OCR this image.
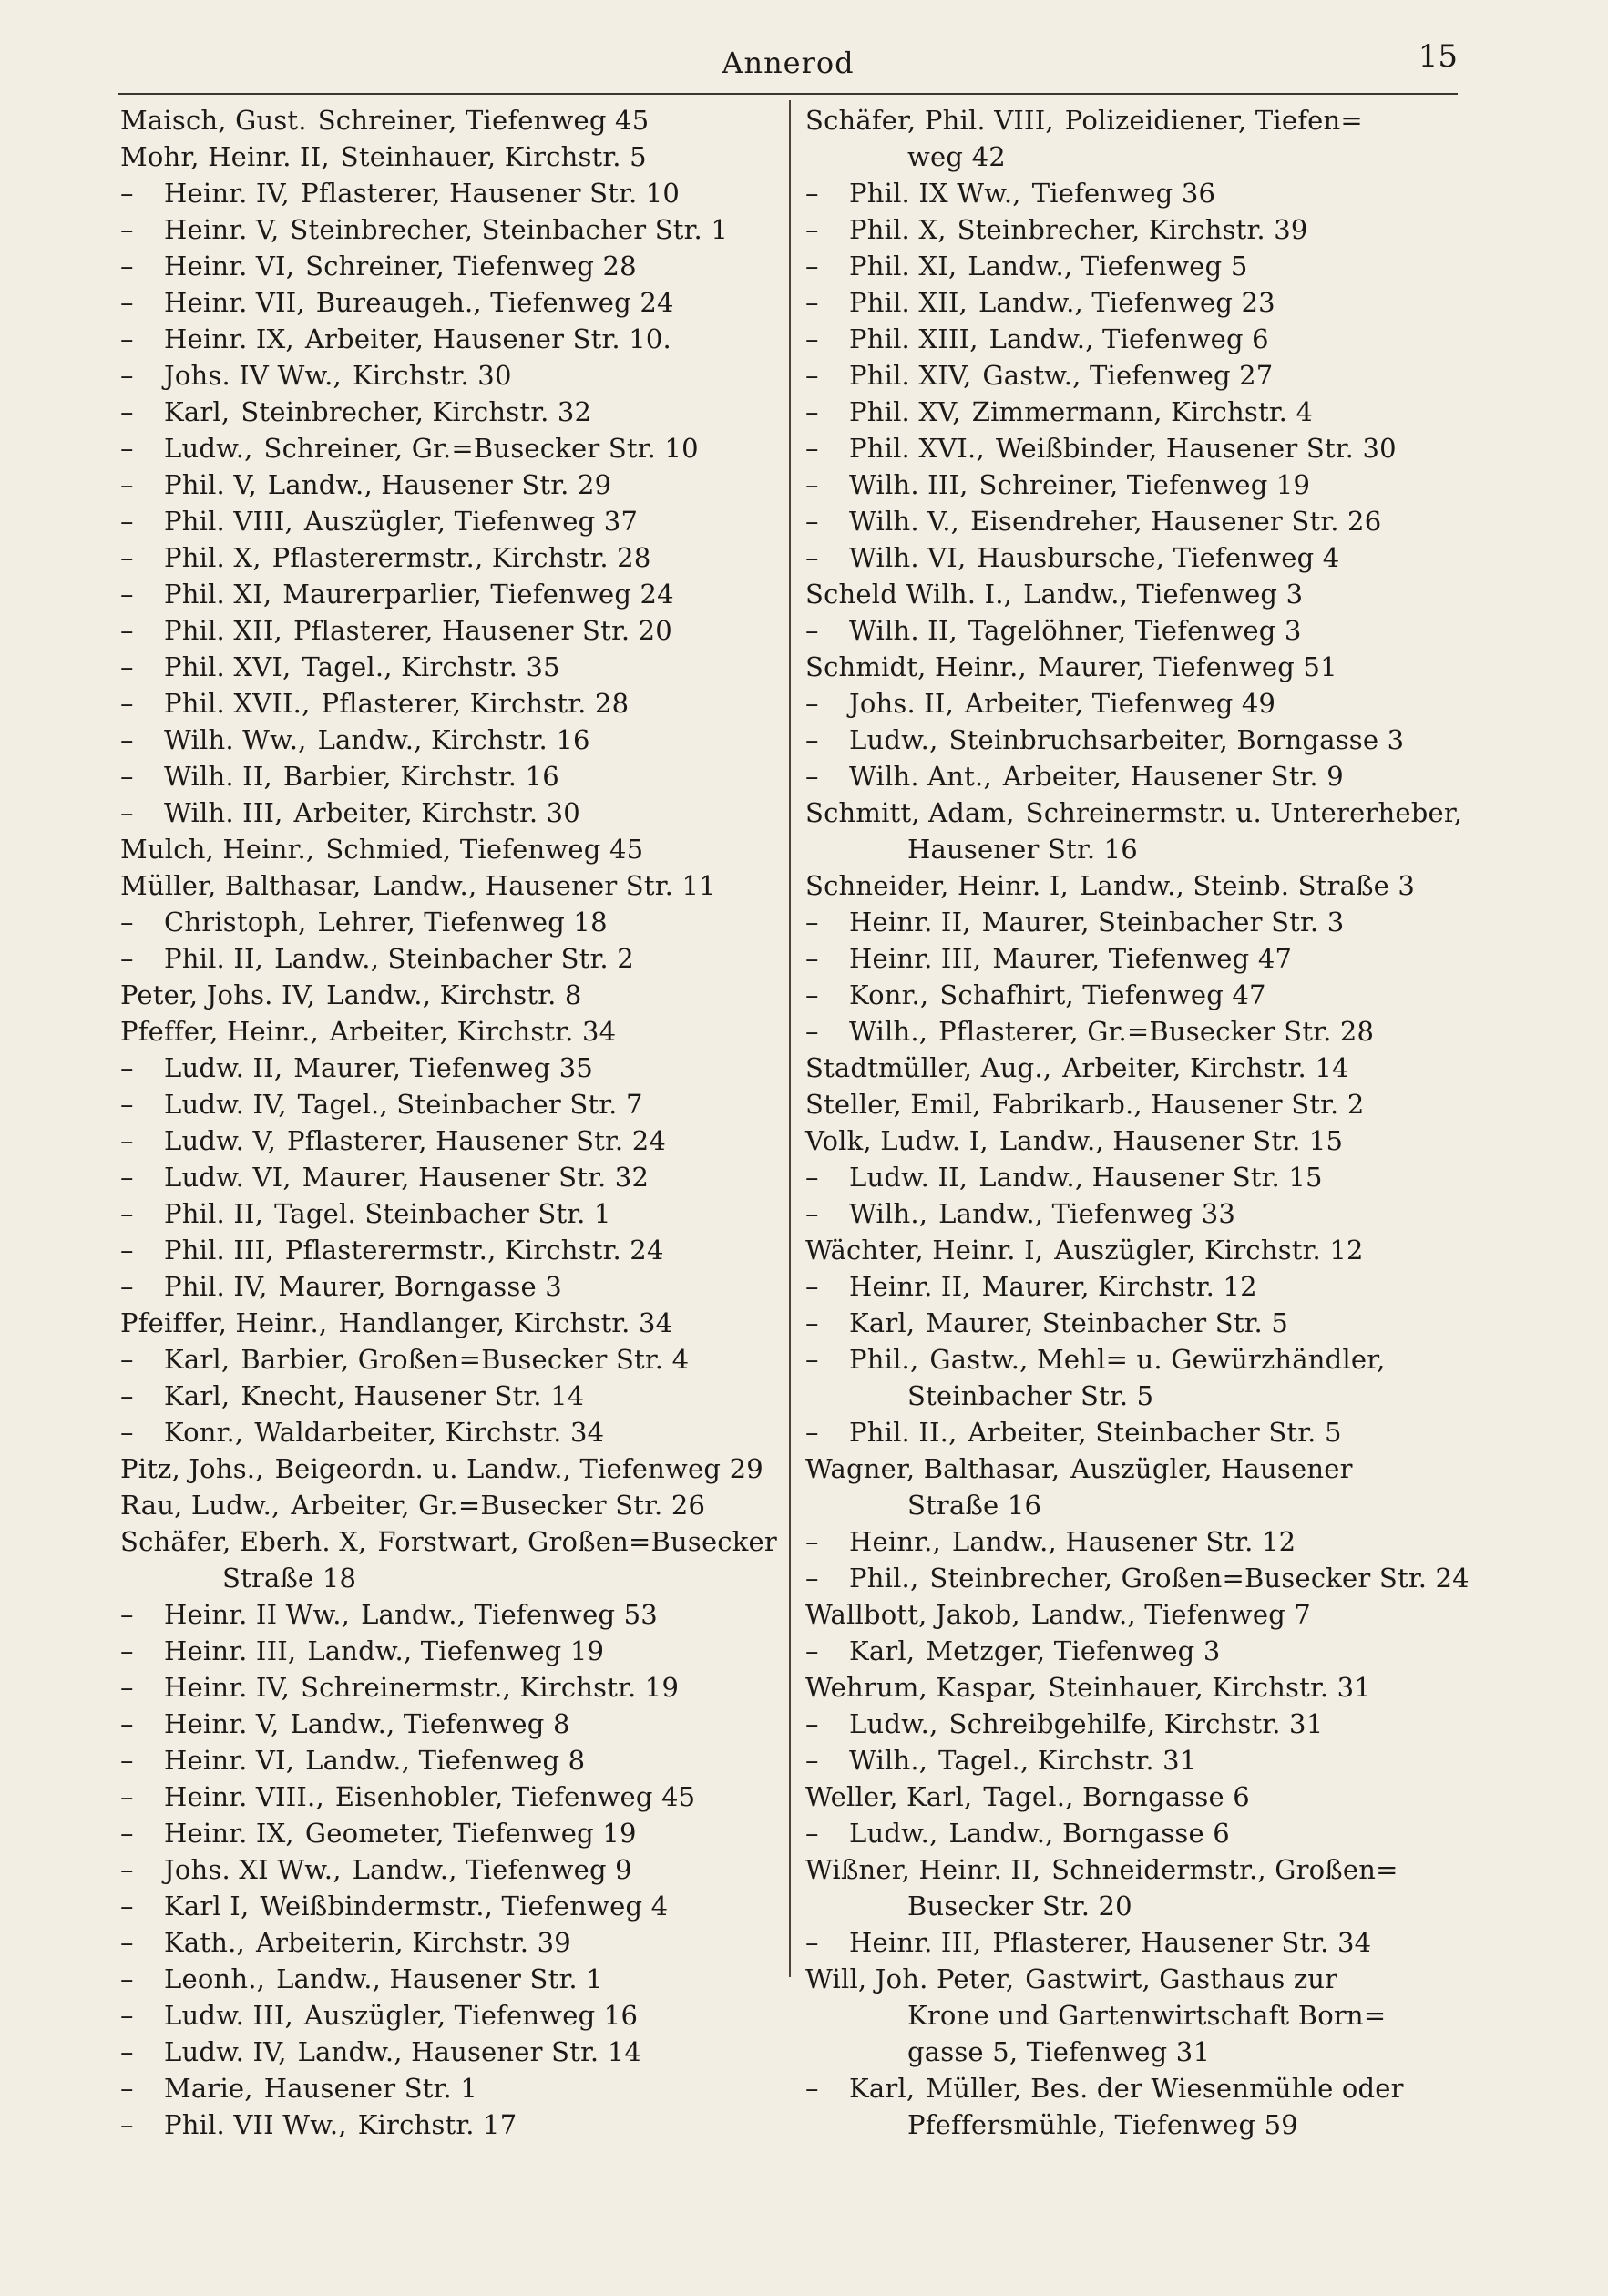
Annerod	15
Maisch, Gust. Schreiner, Tiefenweg 45
Mohr, Heinr. II, Steinhauer, Kirchstr. 5
– Heinr. IV, Pflasterer, Hausener Str. 10
– Heinr. V, Steinbrecher, Steinbacher Str. 1
– Heinr. VI, Schreiner, Tiefenweg 28
– Heinr. VII, Bureaugeh., Tiefenweg 24
– Heinr. IX, Arbeiter, Hausener Str. 10.
– Johs. IV Ww., Kirchstr. 30
– Karl, Steinbrecher, Kirchstr. 32
– Ludw., Schreiner, Gr.=Busecker Str. 10
– Phil. V, Landw., Hausener Str. 29
– Phil. VIII, Auszügler, Tiefenweg 37
– Phil. X, Pflasterermstr., Kirchstr. 28
– Phil. XI, Maurerparlier, Tiefenweg 24
– Phil. XII, Pflasterer, Hausener Str. 20
– Phil. XVI, Tagel., Kirchstr. 35
– Phil. XVII., Pflasterer, Kirchstr. 28
– Wilh. Ww., Landw., Kirchstr. 16
– Wilh. II, Barbier, Kirchstr. 16
– Wilh. III, Arbeiter, Kirchstr. 30
Mulch, Heinr., Schmied, Tiefenweg 45
Müller, Balthasar, Landw., Hausener Str. 11
– Christoph, Lehrer, Tiefenweg 18
– Phil. II, Landw., Steinbacher Str. 2
Peter, Johs. IV, Landw., Kirchstr. 8
Pfeffer, Heinr., Arbeiter, Kirchstr. 34
– Ludw. II, Maurer, Tiefenweg 35
– Ludw. IV, Tagel., Steinbacher Str. 7
– Ludw. V, Pflasterer, Hausener Str. 24
– Ludw. VI, Maurer, Hausener Str. 32
– Phil. II, Tagel. Steinbacher Str. 1
– Phil. III, Pflasterermstr., Kirchstr. 24
– Phil. IV, Maurer, Borngasse 3
Pfeiffer, Heinr., Handlanger, Kirchstr. 34
– Karl, Barbier, Großen=Busecker Str. 4
– Karl, Knecht, Hausener Str. 14
– Konr., Waldarbeiter, Kirchstr. 34
Pitz, Johs., Beigeordn. u. Landw., Tiefenweg 29
Rau, Ludw., Arbeiter, Gr.=Busecker Str. 26
Schäfer, Eberh. X, Forstwart, Großen=Busecker
Straße 18
– Heinr. II Ww., Landw., Tiefenweg 53
– Heinr. III, Landw., Tiefenweg 19
– Heinr. IV, Schreinermstr., Kirchstr. 19
– Heinr. V, Landw., Tiefenweg 8
– Heinr. VI, Landw., Tiefenweg 8
– Heinr. VIII., Eisenhobler, Tiefenweg 45
– Heinr. IX, Geometer, Tiefenweg 19
– Johs. XI Ww., Landw., Tiefenweg 9
– Karl I, Weißbindermstr., Tiefenweg 4
– Kath., Arbeiterin, Kirchstr. 39
– Leonh., Landw., Hausener Str. 1
– Ludw. III, Auszügler, Tiefenweg 16
– Ludw. IV, Landw., Hausener Str. 14
– Marie, Hausener Str. 1
– Phil. VII Ww., Kirchstr. 17
Schäfer, Phil. VIII, Polizeidiener, Tiefen=
weg 42
– Phil. IX Ww., Tiefenweg 36
– Phil. X, Steinbrecher, Kirchstr. 39
– Phil. XI, Landw., Tiefenweg 5
– Phil. XII, Landw., Tiefenweg 23
– Phil. XIII, Landw., Tiefenweg 6
– Phil. XIV, Gastw., Tiefenweg 27
– Phil. XV, Zimmermann, Kirchstr. 4
– Phil. XVI., Weißbinder, Hausener Str. 30
– Wilh. III, Schreiner, Tiefenweg 19
– Wilh. V., Eisendreher, Hausener Str. 26
– Wilh. VI, Hausbursche, Tiefenweg 4
Scheld Wilh. I., Landw., Tiefenweg 3
– Wilh. II, Tagelöhner, Tiefenweg 3
Schmidt, Heinr., Maurer, Tiefenweg 51
– Johs. II, Arbeiter, Tiefenweg 49
– Ludw., Steinbruchsarbeiter, Borngasse 3
– Wilh. Ant., Arbeiter, Hausener Str. 9
Schmitt, Adam, Schreinermstr. u. Untererheber,
Hausener Str. 16
Schneider, Heinr. I, Landw., Steinb. Straße 3
– Heinr. II, Maurer, Steinbacher Str. 3
– Heinr. III, Maurer, Tiefenweg 47
– Konr., Schafhirt, Tiefenweg 47
– Wilh., Pflasterer, Gr.=Busecker Str. 28
Stadtmüller, Aug., Arbeiter, Kirchstr. 14
Steller, Emil, Fabrikarb., Hausener Str. 2
Volk, Ludw. I, Landw., Hausener Str. 15
– Ludw. II, Landw., Hausener Str. 15
– Wilh., Landw., Tiefenweg 33
Wächter, Heinr. I, Auszügler, Kirchstr. 12
– Heinr. II, Maurer, Kirchstr. 12
– Karl, Maurer, Steinbacher Str. 5
– Phil., Gastw., Mehl= u. Gewürzhändler,
Steinbacher Str. 5
– Phil. II., Arbeiter, Steinbacher Str. 5
Wagner, Balthasar, Auszügler, Hausener
Straße 16
– Heinr., Landw., Hausener Str. 12
– Phil., Steinbrecher, Großen=Busecker Str. 24
Wallbott, Jakob, Landw., Tiefenweg 7
– Karl, Metzger, Tiefenweg 3
Wehrum, Kaspar, Steinhauer, Kirchstr. 31
– Ludw., Schreibgehilfe, Kirchstr. 31
– Wilh., Tagel., Kirchstr. 31
Weller, Karl, Tagel., Borngasse 6
– Ludw., Landw., Borngasse 6
Wißner, Heinr. II, Schneidermstr., Großen=
Busecker Str. 20
– Heinr. III, Pflasterer, Hausener Str. 34
Will, Joh. Peter, Gastwirt, Gasthaus zur
Krone und Gartenwirtschaft Born=
gasse 5, Tiefenweg 31
– Karl, Müller, Bes. der Wiesenmühle oder
Pfeffersmühle, Tiefenweg 59
